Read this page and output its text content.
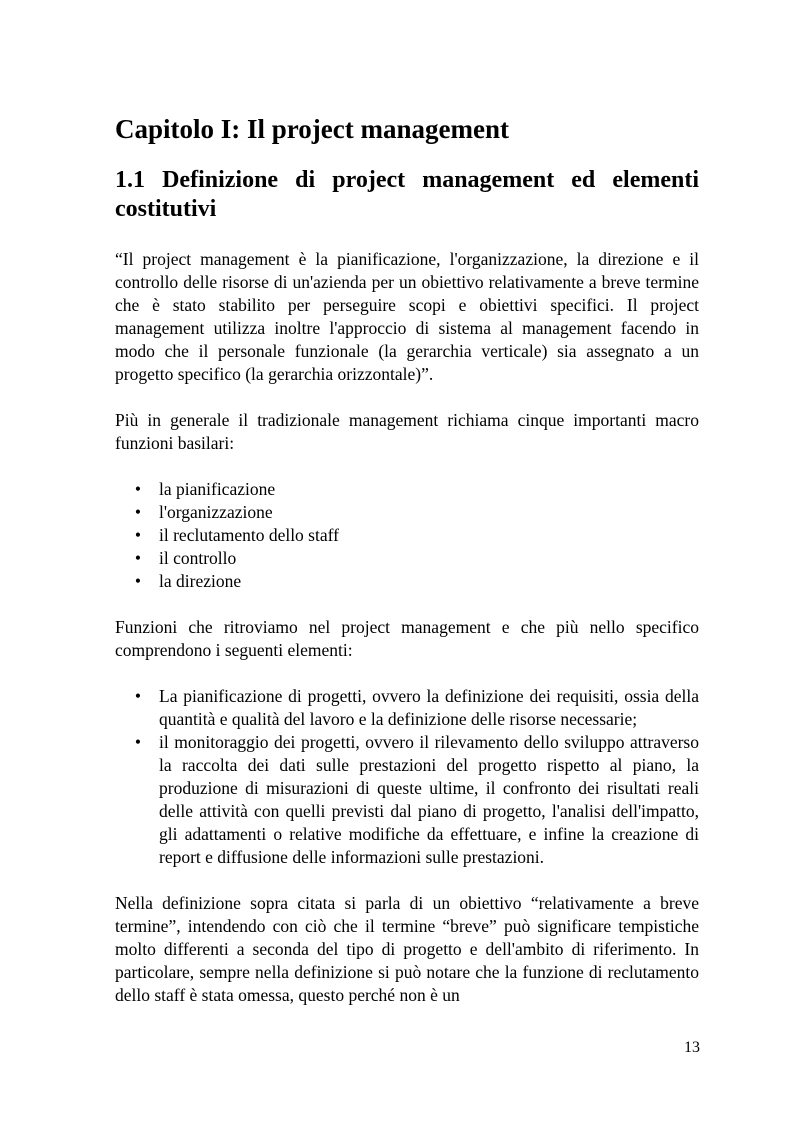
Capitolo I: Il project management
1.1 Definizione di project management ed elementi costitutivi

“Il project management è la pianificazione, l'organizzazione, la direzione e il controllo delle risorse di un'azienda per un obiettivo relativamente a breve termine che è stato stabilito per perseguire scopi e obiettivi specifici. Il project management utilizza inoltre l'approccio di sistema al management facendo in modo che il personale funzionale (la gerarchia verticale) sia assegnato a un progetto specifico (la gerarchia orizzontale)”.

Più in generale il tradizionale management richiama cinque importanti macro funzioni basilari:

• la pianificazione
• l'organizzazione
• il reclutamento dello staff
• il controllo
• la direzione

Funzioni che ritroviamo nel project management e che più nello specifico comprendono i seguenti elementi:

• La pianificazione di progetti, ovvero la definizione dei requisiti, ossia della quantità e qualità del lavoro e la definizione delle risorse necessarie;
• il monitoraggio dei progetti, ovvero il rilevamento dello sviluppo attraverso la raccolta dei dati sulle prestazioni del progetto rispetto al piano, la produzione di misurazioni di queste ultime, il confronto dei risultati reali delle attività con quelli previsti dal piano di progetto, l'analisi dell'impatto, gli adattamenti o relative modifiche da effettuare, e infine la creazione di report e diffusione delle informazioni sulle prestazioni.

Nella definizione sopra citata si parla di un obiettivo “relativamente a breve termine”, intendendo con ciò che il termine “breve” può significare tempistiche molto differenti a seconda del tipo di progetto e dell'ambito di riferimento. In particolare, sempre nella definizione si può notare che la funzione di reclutamento dello staff è stata omessa, questo perché non è un

13
